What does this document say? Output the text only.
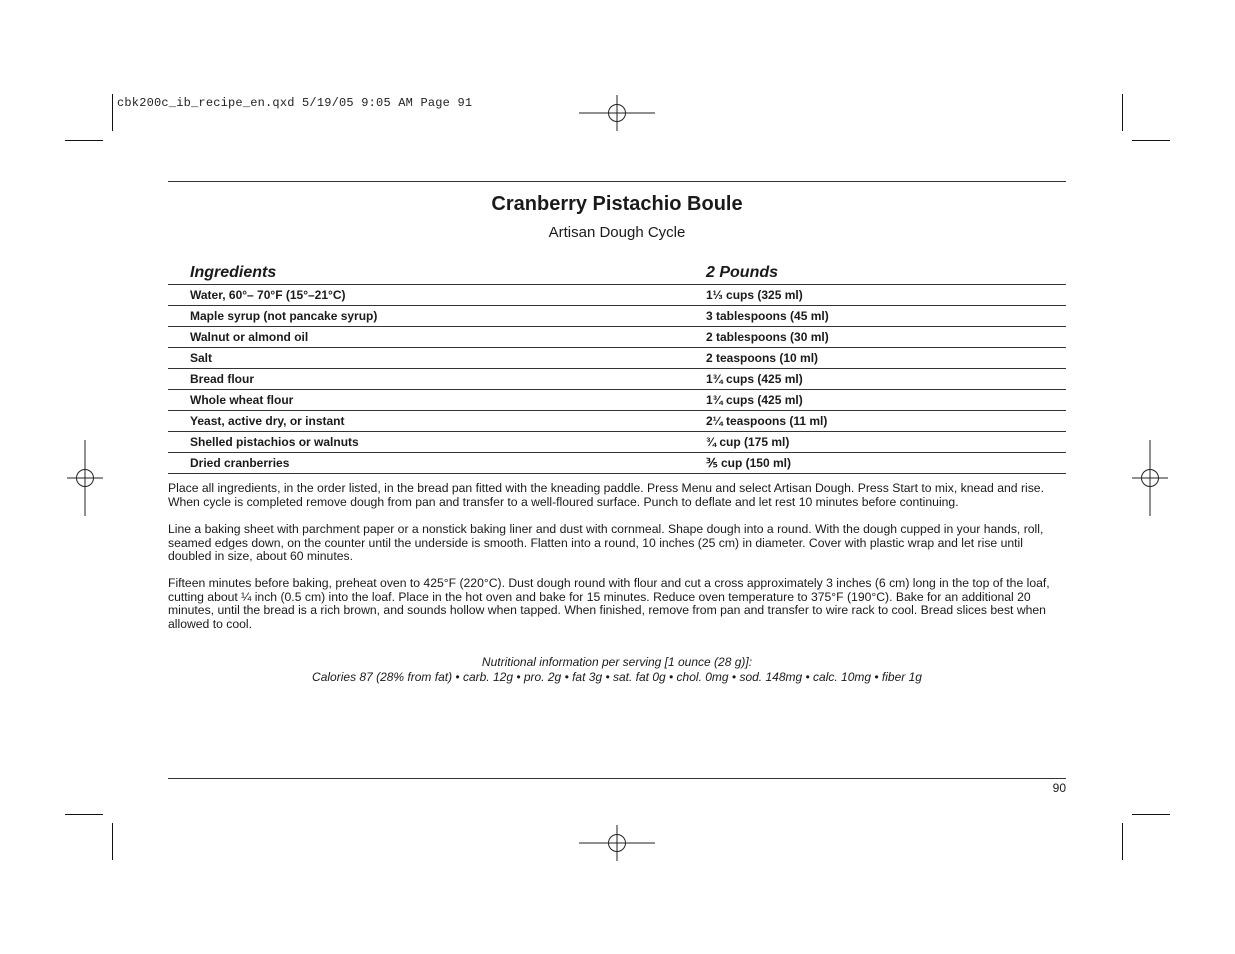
cbk200c_ib_recipe_en.qxd 5/19/05 9:05 AM Page 91
Cranberry Pistachio Boule
Artisan Dough Cycle
Ingredients	2 Pounds
Water, 60°– 70°F (15°–21°C)	1⅓ cups (325 ml)
Maple syrup (not pancake syrup)	3 tablespoons (45 ml)
Walnut or almond oil	2 tablespoons (30 ml)
Salt	2 teaspoons (10 ml)
Bread flour	1¾ cups (425 ml)
Whole wheat flour	1¾ cups (425 ml)
Yeast, active dry, or instant	2¼ teaspoons (11 ml)
Shelled pistachios or walnuts	¾ cup (175 ml)
Dried cranberries	⅗ cup (150 ml)
Place all ingredients, in the order listed, in the bread pan fitted with the kneading paddle. Press Menu and select Artisan Dough. Press Start to mix, knead and rise. When cycle is completed remove dough from pan and transfer to a well-floured surface. Punch to deflate and let rest 10 minutes before continuing.
Line a baking sheet with parchment paper or a nonstick baking liner and dust with cornmeal. Shape dough into a round. With the dough cupped in your hands, roll, seamed edges down, on the counter until the underside is smooth. Flatten into a round, 10 inches (25 cm) in diameter. Cover with plastic wrap and let rise until doubled in size, about 60 minutes.
Fifteen minutes before baking, preheat oven to 425°F (220°C). Dust dough round with flour and cut a cross approximately 3 inches (6 cm) long in the top of the loaf, cutting about ¼ inch (0.5 cm) into the loaf. Place in the hot oven and bake for 15 minutes. Reduce oven temperature to 375°F (190°C). Bake for an additional 20 minutes, until the bread is a rich brown, and sounds hollow when tapped. When finished, remove from pan and transfer to wire rack to cool. Bread slices best when allowed to cool.
Nutritional information per serving [1 ounce (28 g)]:
Calories 87 (28% from fat) • carb. 12g • pro. 2g • fat 3g • sat. fat 0g • chol. 0mg • sod. 148mg • calc. 10mg • fiber 1g
90
